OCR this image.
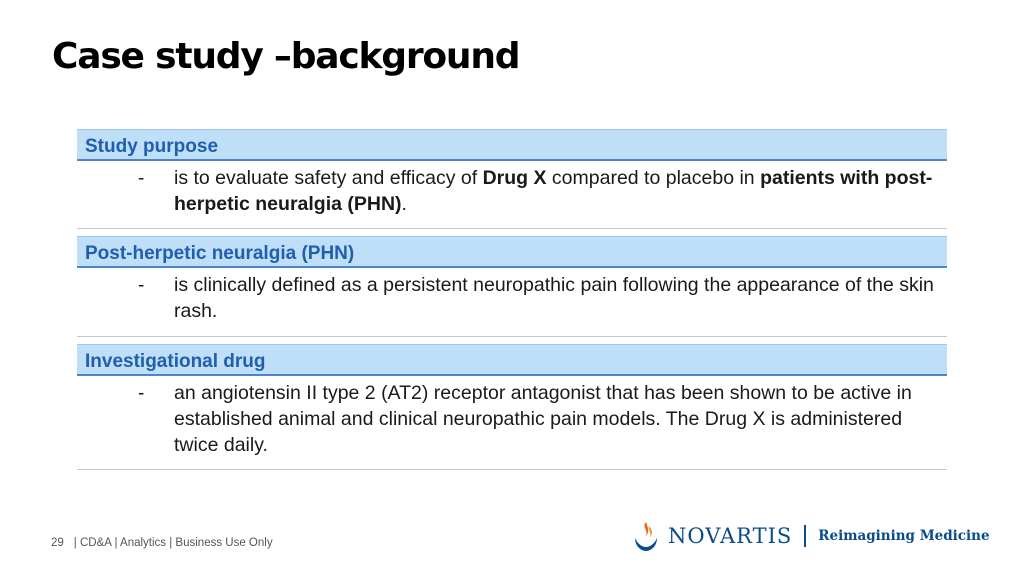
Case study –background
Study purpose
- is to evaluate safety and efficacy of Drug X compared to placebo in patients with post-herpetic neuralgia (PHN).
Post-herpetic neuralgia (PHN)
- is clinically defined as a persistent neuropathic pain following the appearance of the skin rash.
Investigational drug
- an angiotensin II type 2 (AT2) receptor antagonist that has been shown to be active in established animal and clinical neuropathic pain models. The Drug X is administered twice daily.
29 | CD&A | Analytics | Business Use Only	NOVARTIS Reimagining Medicine
